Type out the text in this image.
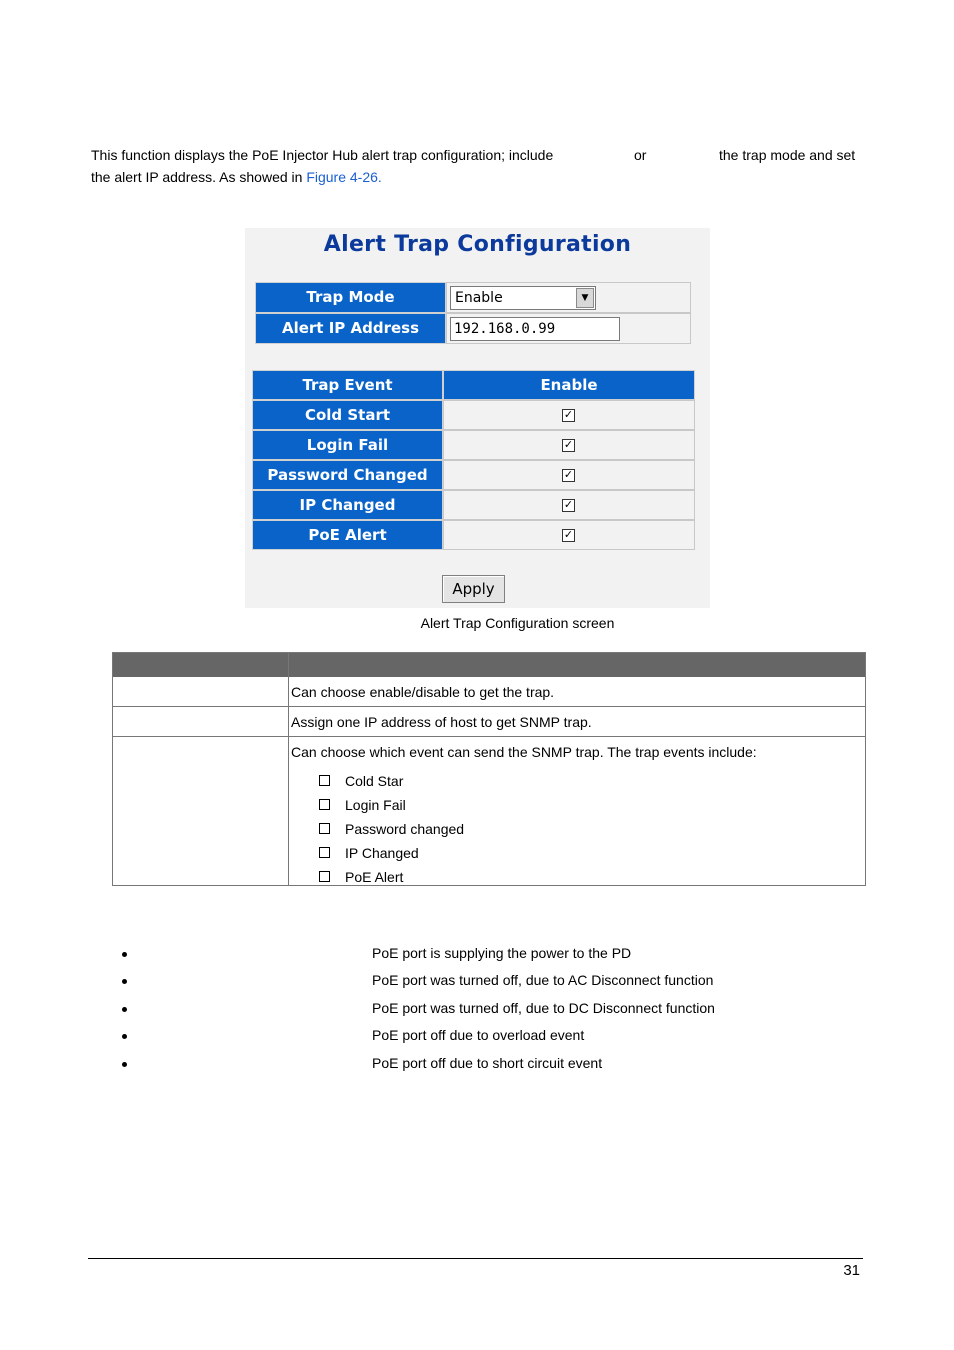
This function displays the PoE Injector Hub alert trap configuration; include	or	the trap mode and set
the alert IP address. As showed in Figure 4-26.
Alert Trap Configuration
Trap Mode	Enable	▼
Alert IP Address	192.168.0.99
Trap Event	Enable
Cold Start	✓
Login Fail	✓
Password Changed	✓
IP Changed	✓
PoE Alert	✓
Apply
Alert Trap Configuration screen
Can choose enable/disable to get the trap.
Assign one IP address of host to get SNMP trap.
Can choose which event can send the SNMP trap. The trap events include:
Cold Star
Login Fail
Password changed
IP Changed
PoE Alert
PoE port is supplying the power to the PD
PoE port was turned off, due to AC Disconnect function
PoE port was turned off, due to DC Disconnect function
PoE port off due to overload event
PoE port off due to short circuit event
31
